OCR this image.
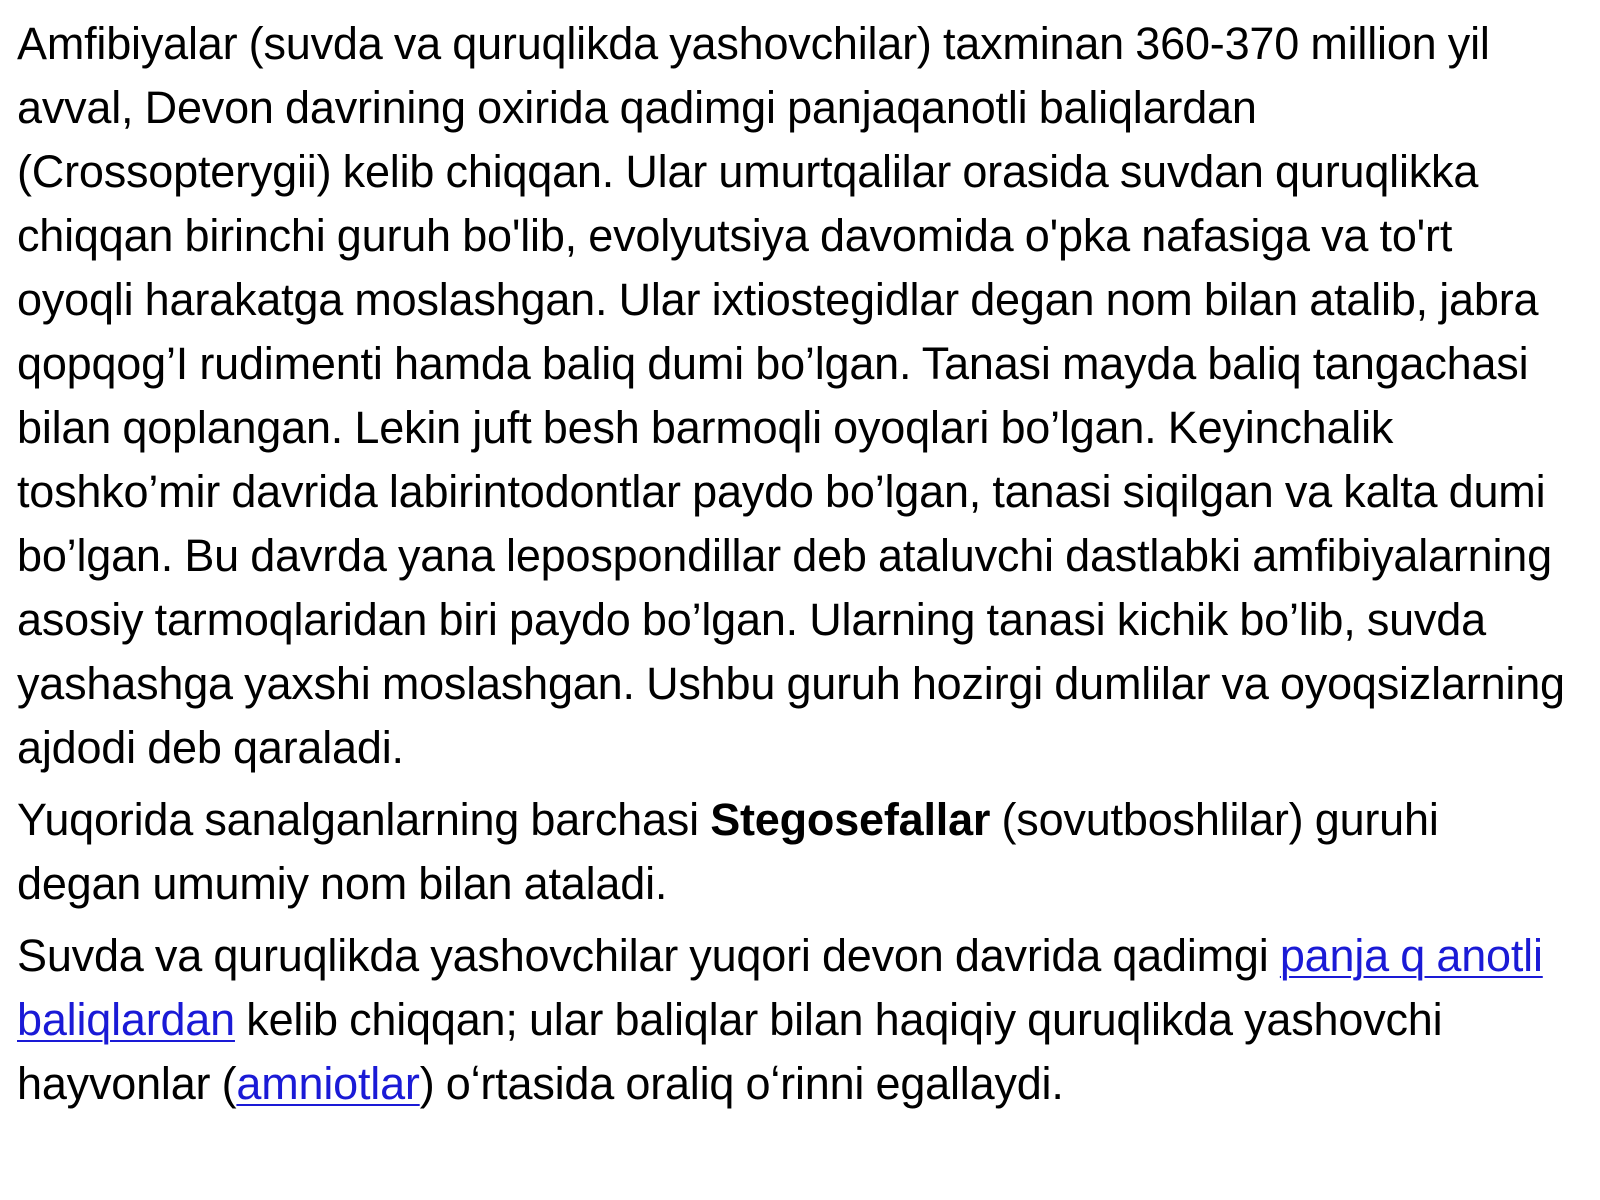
Amfibiyalar (suvda va quruqlikda yashovchilar) taxminan 360-370 million yil avval, Devon davrining oxirida qadimgi panjaqanotli baliqlardan (Crossopterygii) kelib chiqqan. Ular umurtqalilar orasida suvdan quruqlikka chiqqan birinchi guruh bo'lib, evolyutsiya davomida o'pka nafasiga va to'rt oyoqli harakatga moslashgan. Ular ixtiostegidlar degan nom bilan atalib, jabra qopqog’I rudimenti hamda baliq dumi bo’lgan. Tanasi mayda baliq tangachasi bilan qoplangan. Lekin juft besh barmoqli oyoqlari bo’lgan. Keyinchalik toshko’mir davrida labirintodontlar paydo bo’lgan, tanasi siqilgan va kalta dumi bo’lgan. Bu davrda yana lepospondillar deb ataluvchi dastlabki amfibiyalarning asosiy tarmoqlaridan biri paydo bo’lgan. Ularning tanasi kichik bo’lib, suvda yashashga yaxshi moslashgan. Ushbu guruh hozirgi dumlilar va oyoqsizlarning ajdodi deb qaraladi.

Yuqorida sanalganlarning barchasi Stegosefallar (sovutboshlilar) guruhi degan umumiy nom bilan ataladi.

Suvda va quruqlikda yashovchilar yuqori devon davrida qadimgi panja q anotli baliqlardan kelib chiqqan; ular baliqlar bilan haqiqiy quruqlikda yashovchi hayvonlar (amniotlar) oʻrtasida oraliq oʻrinni egallaydi.
